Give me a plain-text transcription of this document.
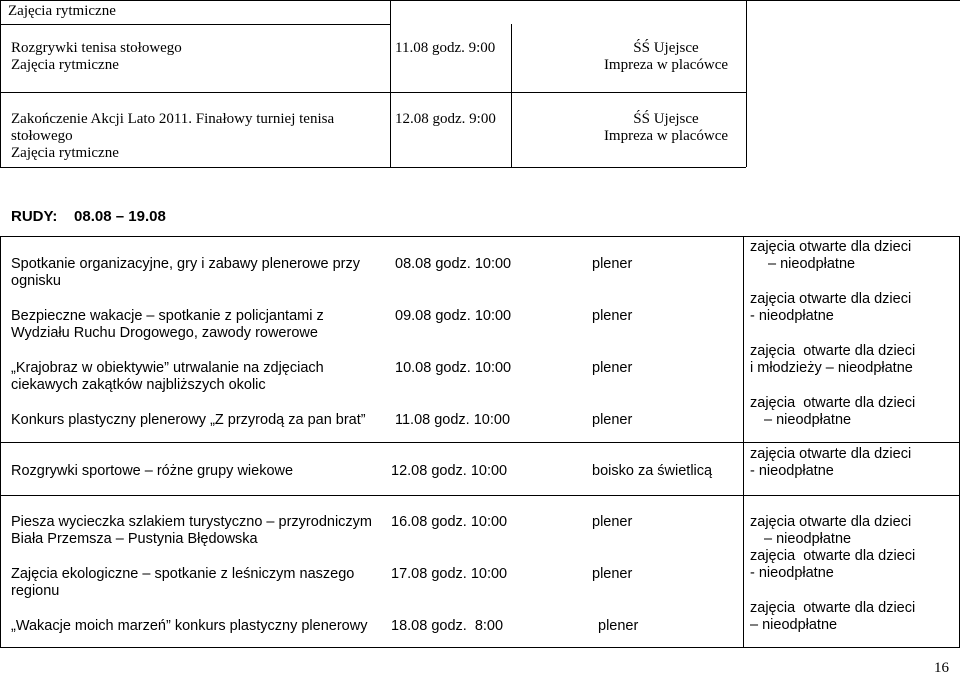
Zajęcia rytmiczne
Rozgrywki tenisa stołowego
Zajęcia rytmiczne
11.08 godz. 9:00	ŚŚ Ujejsce
Impreza w placówce
Zakończenie Akcji Lato 2011. Finałowy turniej tenisa
stołowego
Zajęcia rytmiczne
12.08 godz. 9:00	ŚŚ Ujejsce
Impreza w placówce
RUDY:    08.08 – 19.08
Spotkanie organizacyjne, gry i zabawy plenerowe przy
ognisku
08.08 godz. 10:00	plener
zajęcia otwarte dla dzieci
– nieodpłatne
Bezpieczne wakacje – spotkanie z policjantami z
Wydziału Ruchu Drogowego, zawody rowerowe
09.08 godz. 10:00	plener
zajęcia otwarte dla dzieci
- nieodpłatne
„Krajobraz w obiektywie” utrwalanie na zdjęciach
ciekawych zakątków najbliższych okolic
10.08 godz. 10:00	plener
zajęcia  otwarte dla dzieci
i młodzieży – nieodpłatne
Konkurs plastyczny plenerowy „Z przyrodą za pan brat” 11.08 godz. 10:00	plener
zajęcia  otwarte dla dzieci
– nieodpłatne
Rozgrywki sportowe – różne grupy wiekowe	12.08 godz. 10:00	boisko za świetlicą
zajęcia otwarte dla dzieci
- nieodpłatne
Piesza wycieczka szlakiem turystyczno – przyrodniczym
Biała Przemsza – Pustynia Błędowska
16.08 godz. 10:00	plener	zajęcia otwarte dla dzieci
– nieodpłatne
Zajęcia ekologiczne – spotkanie z leśniczym naszego
regionu
17.08 godz. 10:00	plener
zajęcia  otwarte dla dzieci
- nieodpłatne
„Wakacje moich marzeń” konkurs plastyczny plenerowy 18.08 godz.  8:00	plener
zajęcia  otwarte dla dzieci
– nieodpłatne
16
